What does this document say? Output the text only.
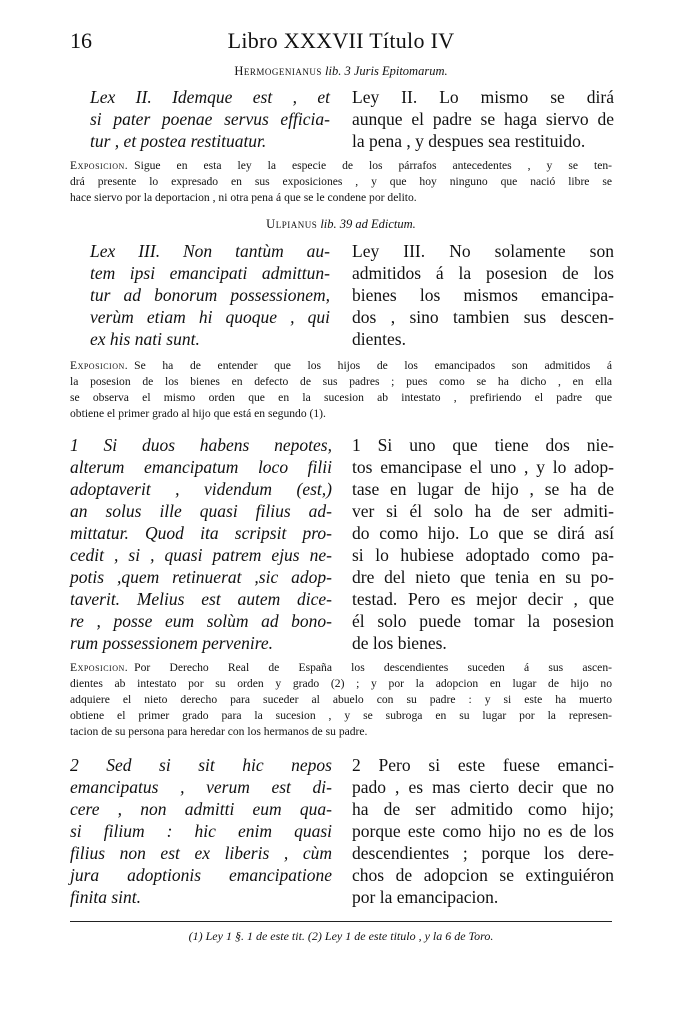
16	Libro XXXVII Título IV
Hermogenianus lib. 3 Juris Epitomarum.
Lex II. Idemque est , et
si pater poenae servus efficia-
tur , et postea restituatur.
Ley II. Lo mismo se dirá
aunque el padre se haga siervo de
la pena , y despues sea restituido.
Exposicion. Sigue en esta ley la especie de los párrafos antecedentes , y se ten-
drá presente lo expresado en sus exposiciones , y que hoy ninguno que nació libre se
hace siervo por la deportacion , ni otra pena á que se le condene por delito.
Ulpianus lib. 39 ad Edictum.
Lex III. Non tantùm au-
tem ipsi emancipati admittun-
tur ad bonorum possessionem,
verùm etiam hi quoque , qui
ex his nati sunt.
Ley III. No solamente son
admitidos á la posesion de los
bienes los mismos emancipa-
dos , sino tambien sus descen-
dientes.
Exposicion. Se ha de entender que los hijos de los emancipados son admitidos á
la posesion de los bienes en defecto de sus padres ; pues como se ha dicho , en ella
se observa el mismo orden que en la sucesion ab intestato , prefiriendo el padre que
obtiene el primer grado al hijo que está en segundo (1).
1 Si duos habens nepotes,
alterum emancipatum loco filii
adoptaverit , videndum (est,)
an solus ille quasi filius ad-
mittatur. Quod ita scripsit pro-
cedit , si , quasi patrem ejus ne-
potis ,quem retinuerat ,sic adop-
taverit. Melius est autem dice-
re , posse eum solùm ad bono-
rum possessionem pervenire.
1 Si uno que tiene dos nie-
tos emancipase el uno , y lo adop-
tase en lugar de hijo , se ha de
ver si él solo ha de ser admiti-
do como hijo. Lo que se dirá así
si lo hubiese adoptado como pa-
dre del nieto que tenia en su po-
testad. Pero es mejor decir , que
él solo puede tomar la posesion
de los bienes.
Exposicion. Por Derecho Real de España los descendientes suceden á sus ascen-
dientes ab intestato por su orden y grado (2) ; y por la adopcion en lugar de hijo no
adquiere el nieto derecho para suceder al abuelo con su padre : y si este ha muerto
obtiene el primer grado para la sucesion , y se subroga en su lugar por la represen-
tacion de su persona para heredar con los hermanos de su padre.
2 Sed si sit hic nepos
emancipatus , verum est di-
cere , non admitti eum qua-
si filium : hic enim quasi
filius non est ex liberis , cùm
jura adoptionis emancipatione
finita sint.
2 Pero si este fuese emanci-
pado , es mas cierto decir que no
ha de ser admitido como hijo;
porque este como hijo no es de los
descendientes ; porque los dere-
chos de adopcion se extinguiéron
por la emancipacion.
(1) Ley 1 §. 1 de este tit. (2) Ley 1 de este titulo , y la 6 de Toro.
